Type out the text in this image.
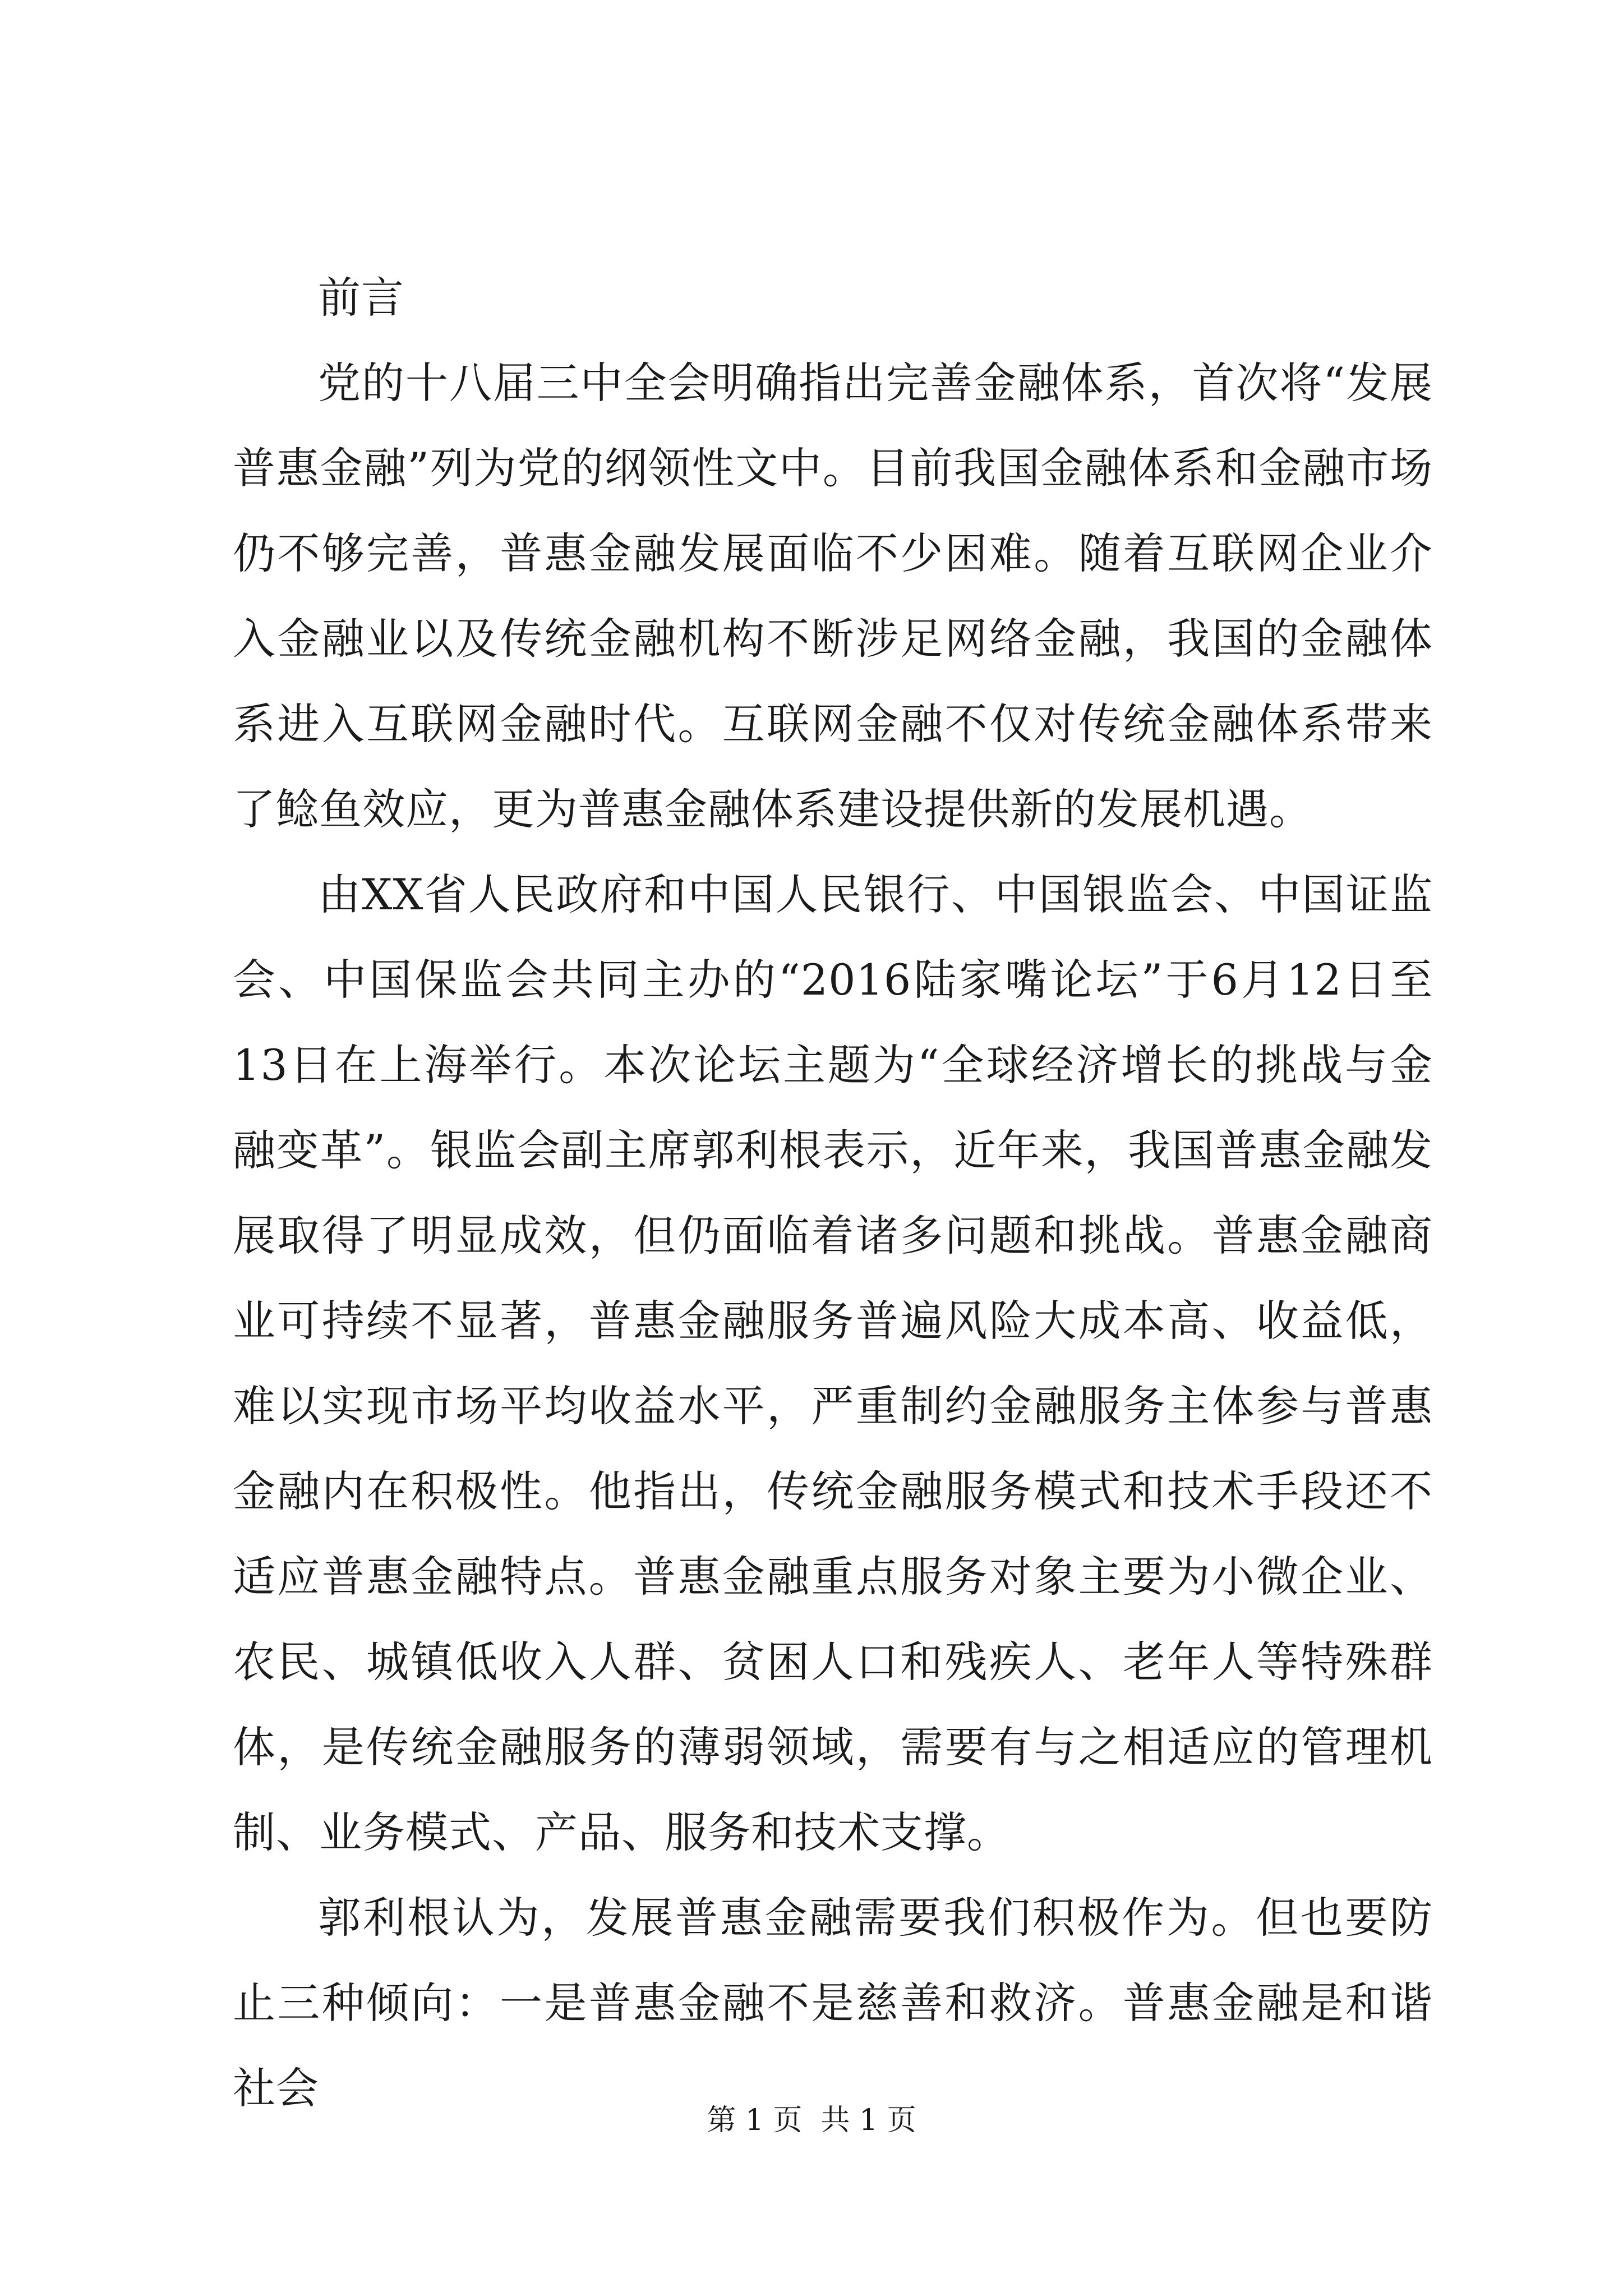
前言

党的十八届三中全会明确指出完善金融体系，首次将“发展普惠金融”列为党的纲领性文中。目前我国金融体系和金融市场仍不够完善，普惠金融发展面临不少困难。随着互联网企业介入金融业以及传统金融机构不断涉足网络金融，我国的金融体系进入互联网金融时代。互联网金融不仅对传统金融体系带来了鲶鱼效应，更为普惠金融体系建设提供新的发展机遇。

由XX省人民政府和中国人民银行、中国银监会、中国证监会、中国保监会共同主办的“2016陆家嘴论坛”于6月12日至13日在上海举行。本次论坛主题为“全球经济增长的挑战与金融变革”。银监会副主席郭利根表示，近年来，我国普惠金融发展取得了明显成效，但仍面临着诸多问题和挑战。普惠金融商业可持续不显著，普惠金融服务普遍风险大成本高、收益低，难以实现市场平均收益水平，严重制约金融服务主体参与普惠金融内在积极性。他指出，传统金融服务模式和技术手段还不适应普惠金融特点。普惠金融重点服务对象主要为小微企业、农民、城镇低收入人群、贫困人口和残疾人、老年人等特殊群体，是传统金融服务的薄弱领域，需要有与之相适应的管理机制、业务模式、产品、服务和技术支撑。

郭利根认为，发展普惠金融需要我们积极作为。但也要防止三种倾向：一是普惠金融不是慈善和救济。普惠金融是和谐社会

第 1 页  共 1 页
